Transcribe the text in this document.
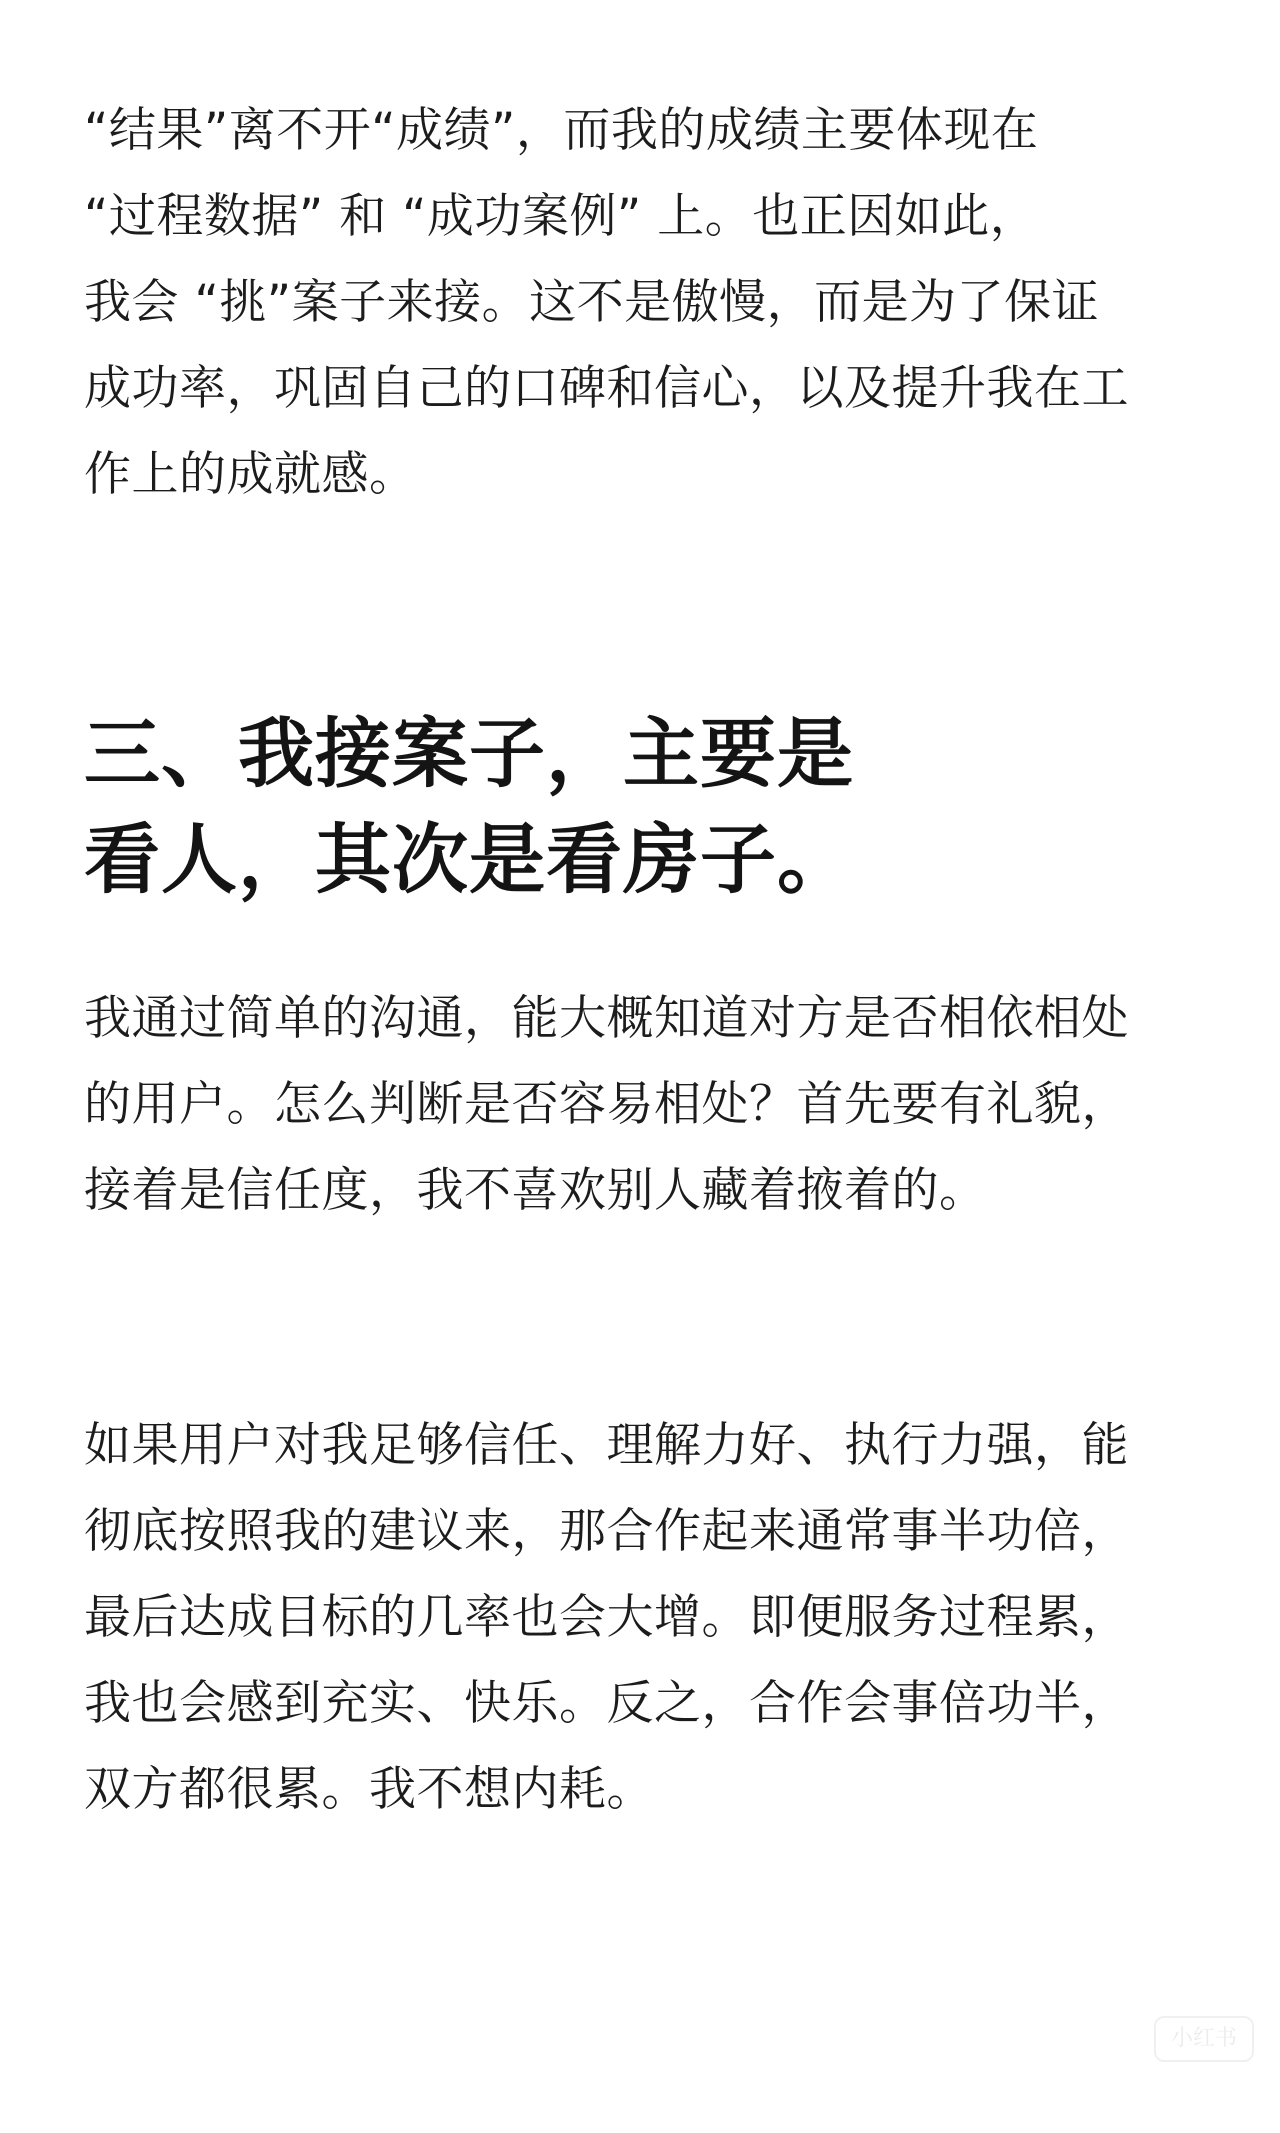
“结果”离不开“成绩”，而我的成绩主要体现在
“过程数据” 和 “成功案例” 上。也正因如此，
我会 “挑”案子来接。这不是傲慢，而是为了保证
成功率，巩固自己的口碑和信心，以及提升我在工
作上的成就感。

三、我接案子，主要是
看人，其次是看房子。

我通过简单的沟通，能大概知道对方是否相依相处
的用户。怎么判断是否容易相处？首先要有礼貌，
接着是信任度，我不喜欢别人藏着掖着的。

如果用户对我足够信任、理解力好、执行力强，能
彻底按照我的建议来，那合作起来通常事半功倍，
最后达成目标的几率也会大增。即便服务过程累，
我也会感到充实、快乐。反之，合作会事倍功半，
双方都很累。我不想内耗。

小红书
